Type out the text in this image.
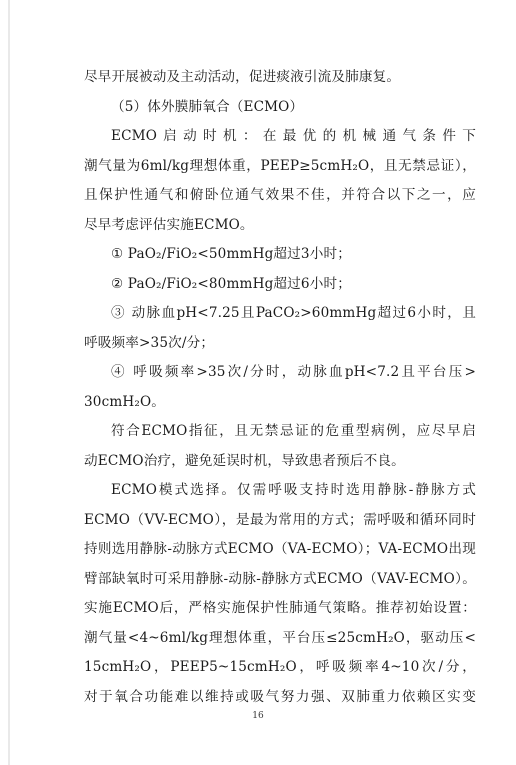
尽早开展被动及主动活动，促进痰液引流及肺康复。
（5）体外膜肺氧合（ECMO）
ECMO启动时机：在最优的机械通气条件下
潮气量为6ml/kg理想体重，PEEP≥5cmH₂O，且无禁忌证），
且保护性通气和俯卧位通气效果不佳，并符合以下之一，应
尽早考虑评估实施ECMO。
① PaO₂/FiO₂<50mmHg超过3小时；
② PaO₂/FiO₂<80mmHg超过6小时；
③ 动脉血pH<7.25且PaCO₂>60mmHg超过6小时，且
呼吸频率>35次/分；
④ 呼吸频率>35次/分时，动脉血pH<7.2且平台压>
30cmH₂O。
符合ECMO指征，且无禁忌证的危重型病例，应尽早启
动ECMO治疗，避免延误时机，导致患者预后不良。
ECMO模式选择。仅需呼吸支持时选用静脉-静脉方式
ECMO（VV-ECMO），是最为常用的方式；需呼吸和循环同时
持则选用静脉-动脉方式ECMO（VA-ECMO）；VA-ECMO出现
臂部缺氧时可采用静脉-动脉-静脉方式ECMO（VAV-ECMO）。
实施ECMO后，严格实施保护性肺通气策略。推荐初始设置：
潮气量<4~6ml/kg理想体重，平台压≤25cmH₂O，驱动压<
15cmH₂O，PEEP5~15cmH₂O，呼吸频率4~10次/分，
对于氧合功能难以维持或吸气努力强、双肺重力依赖区实变
16
